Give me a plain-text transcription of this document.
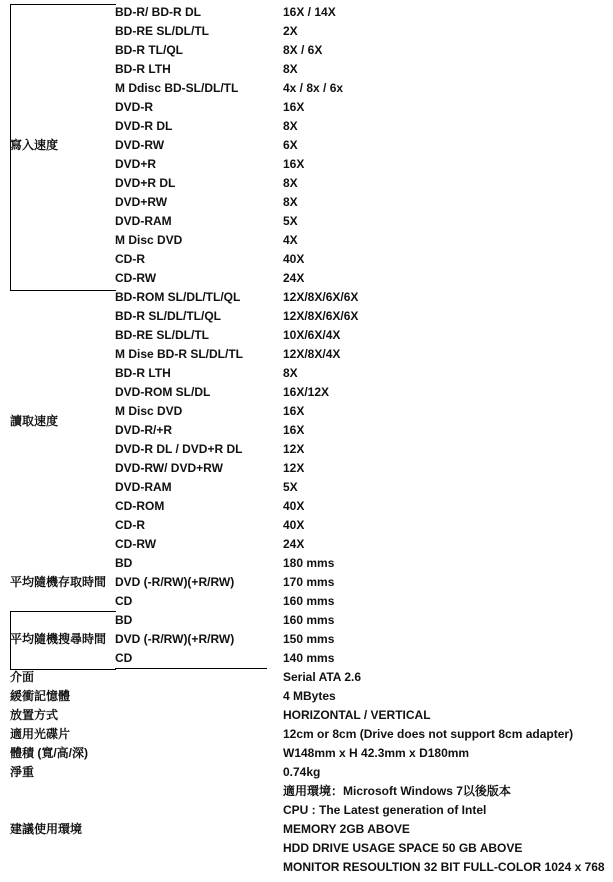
寫入速度
BD-R/ BD-R DL	16X / 14X
BD-RE SL/DL/TL	2X
BD-R TL/QL	8X / 6X
BD-R LTH	8X
M Ddisc BD-SL/DL/TL	4x / 8x / 6x
DVD-R	16X
DVD-R DL	8X
DVD-RW	6X
DVD+R	16X
DVD+R DL	8X
DVD+RW	8X
DVD-RAM	5X
M Disc DVD	4X
CD-R	40X
CD-RW	24X
讀取速度
BD-ROM SL/DL/TL/QL	12X/8X/6X/6X
BD-R SL/DL/TL/QL	12X/8X/6X/6X
BD-RE SL/DL/TL	10X/6X/4X
M Dise BD-R SL/DL/TL	12X/8X/4X
BD-R LTH	8X
DVD-ROM SL/DL	16X/12X
M Disc DVD	16X
DVD-R/+R	16X
DVD-R DL / DVD+R DL	12X
DVD-RW/ DVD+RW	12X
DVD-RAM	5X
CD-ROM	40X
CD-R	40X
CD-RW	24X
平均隨機存取時間
BD	180 mms
DVD (-R/RW)(+R/RW)	170 mms
CD	160 mms
平均隨機搜尋時間
BD	160 mms
DVD (-R/RW)(+R/RW)	150 mms
CD	140 mms
介面	Serial ATA 2.6
緩衝記憶體	4 MBytes
放置方式	HORIZONTAL / VERTICAL
適用光碟片	12cm or 8cm (Drive does not support 8cm adapter)
體積 (寬/高/深)	W148mm x H 42.3mm x D180mm
淨重	0.74kg
建議使用環境
適用環境：Microsoft Windows 7以後版本
CPU : The Latest generation of Intel
MEMORY 2GB ABOVE
HDD DRIVE USAGE SPACE 50 GB ABOVE
MONITOR RESOULTION 32 BIT FULL-COLOR 1024 x 768
